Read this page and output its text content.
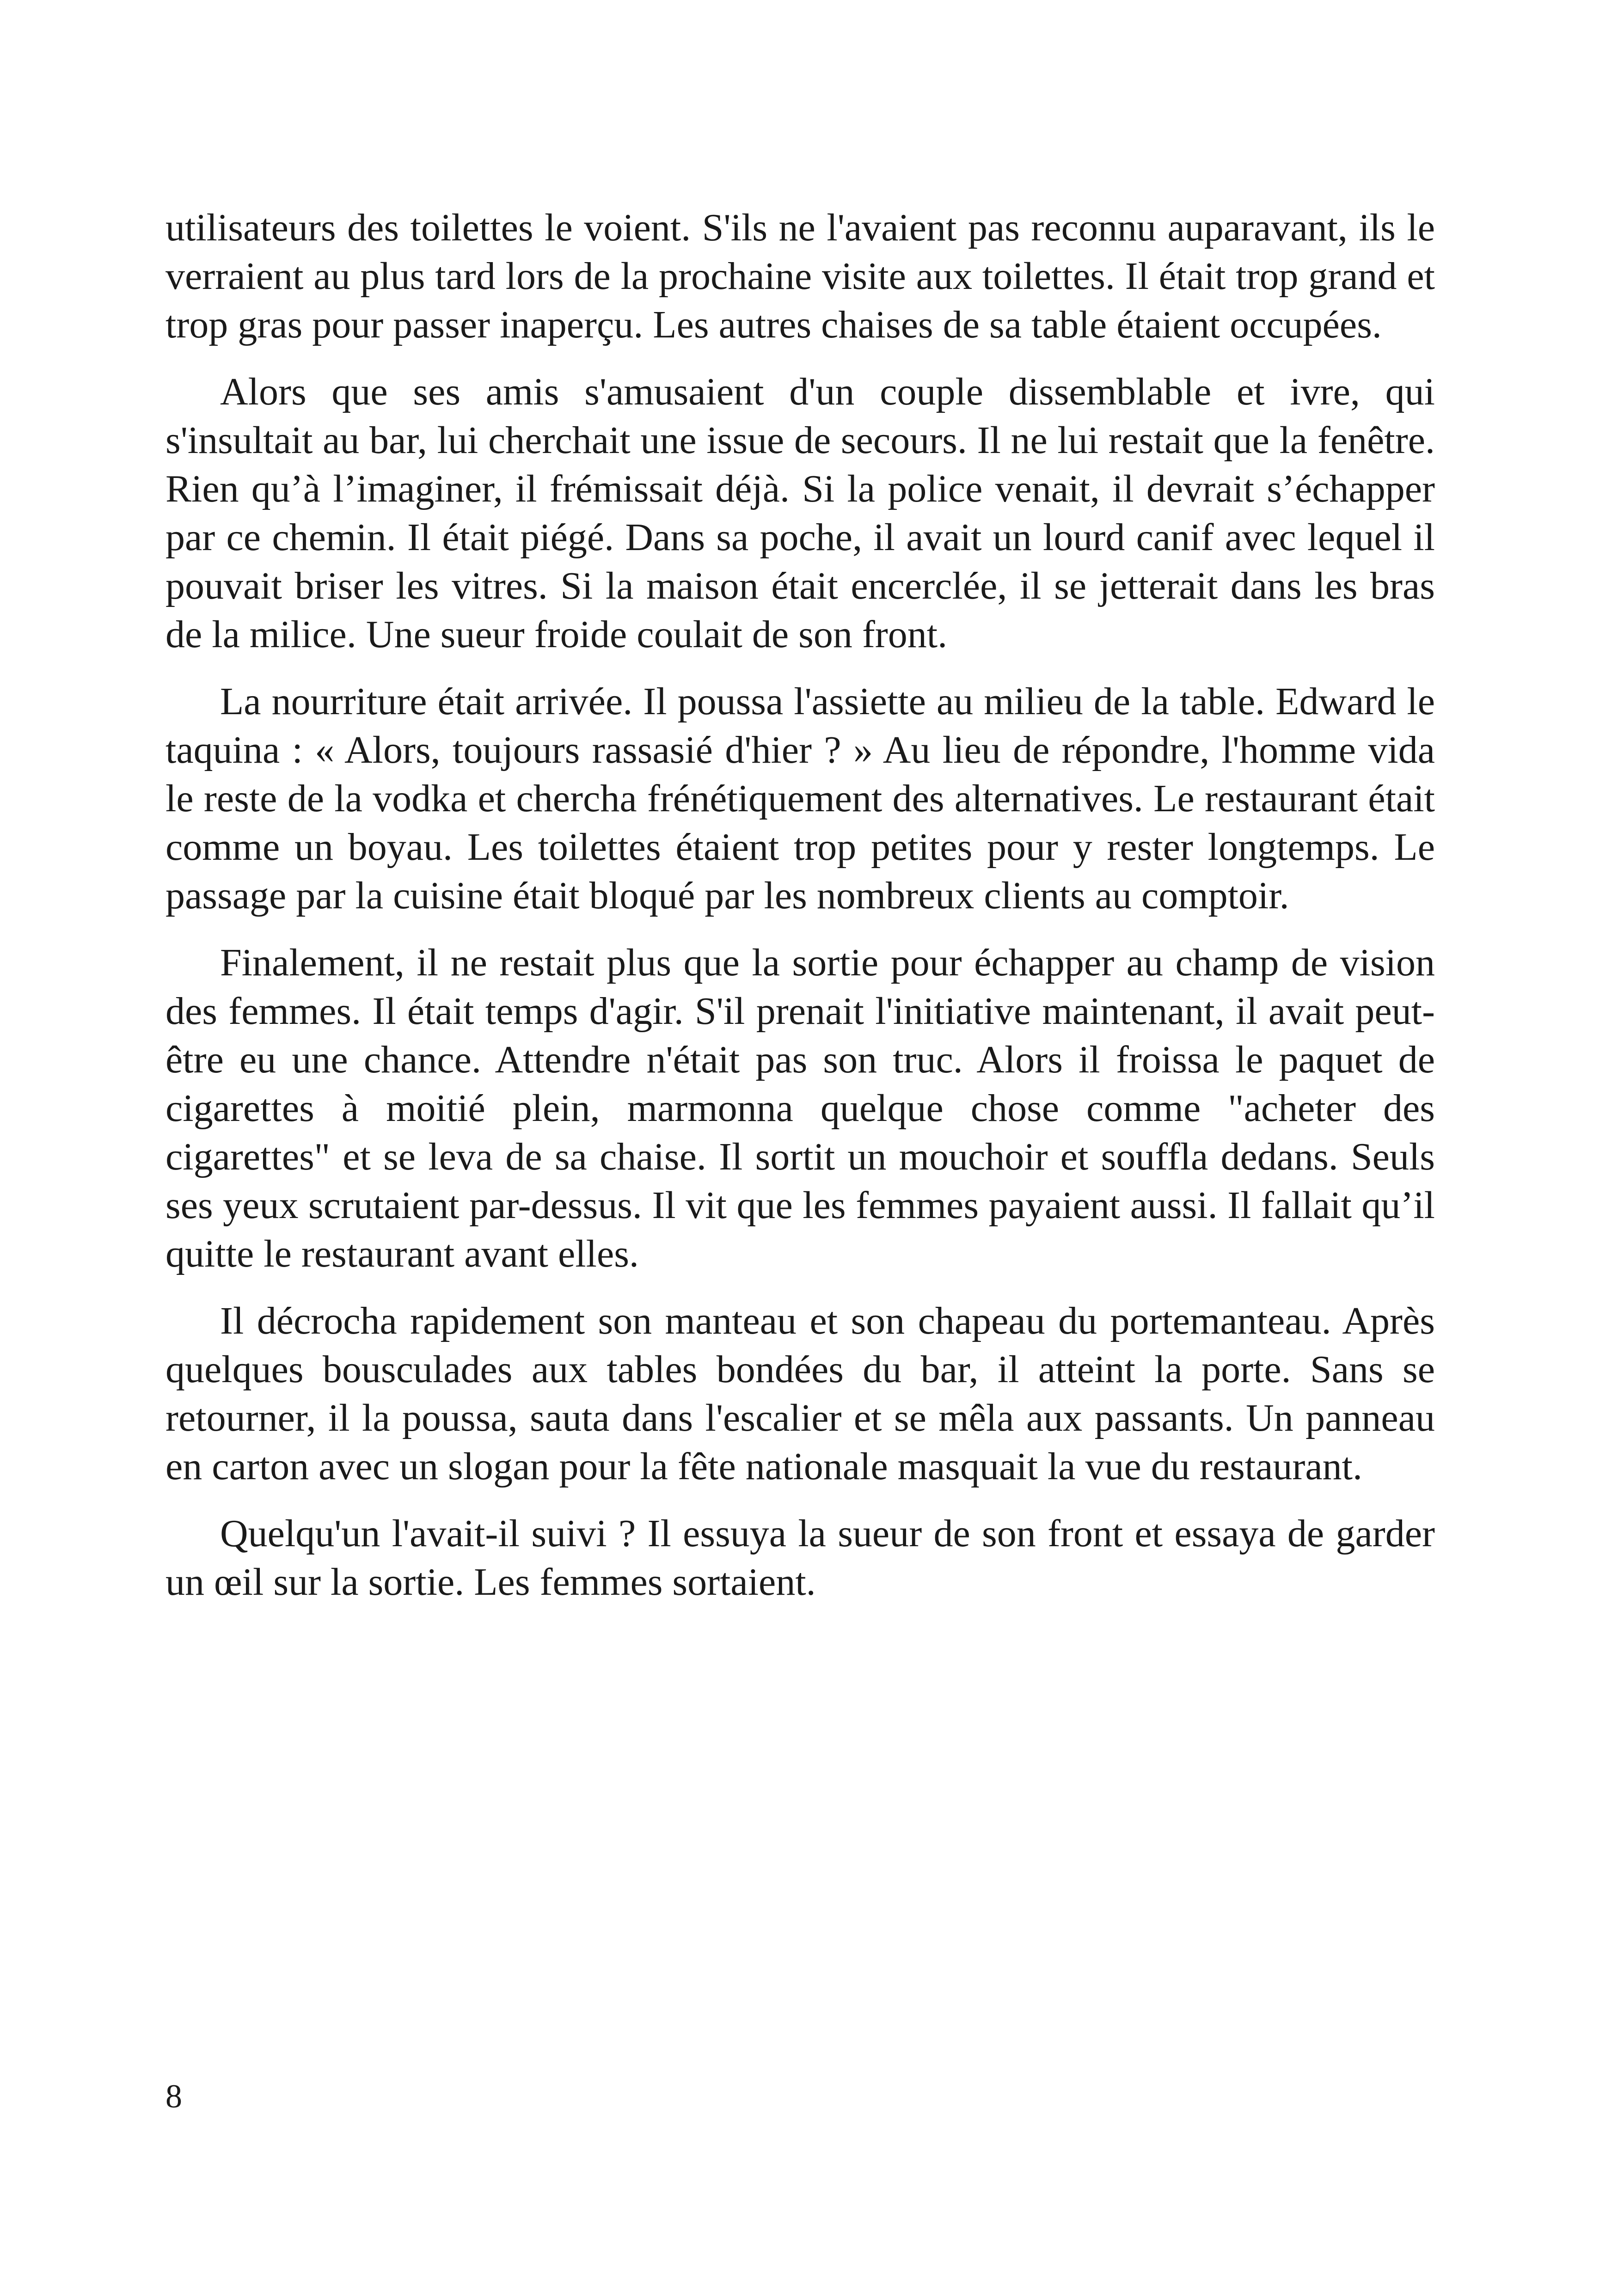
utilisateurs des toilettes le voient. S'ils ne l'avaient pas reconnu auparavant, ils le verraient au plus tard lors de la prochaine visite aux toilettes. Il était trop grand et trop gras pour passer inaperçu. Les autres chaises de sa table étaient occupées.

Alors que ses amis s'amusaient d'un couple dissemblable et ivre, qui s'insultait au bar, lui cherchait une issue de secours. Il ne lui restait que la fenêtre. Rien qu’à l’imaginer, il frémissait déjà. Si la police venait, il devrait s’échapper par ce chemin. Il était piégé. Dans sa poche, il avait un lourd canif avec lequel il pouvait briser les vitres. Si la maison était encerclée, il se jetterait dans les bras de la milice. Une sueur froide coulait de son front.

La nourriture était arrivée. Il poussa l'assiette au milieu de la table. Edward le taquina : « Alors, toujours rassasié d'hier ? » Au lieu de répondre, l'homme vida le reste de la vodka et chercha frénétiquement des alternatives. Le restaurant était comme un boyau. Les toilettes étaient trop petites pour y rester longtemps. Le passage par la cuisine était bloqué par les nombreux clients au comptoir.

Finalement, il ne restait plus que la sortie pour échapper au champ de vision des femmes. Il était temps d'agir. S'il prenait l'initiative maintenant, il avait peut-être eu une chance. Attendre n'était pas son truc. Alors il froissa le paquet de cigarettes à moitié plein, marmonna quelque chose comme "acheter des cigarettes" et se leva de sa chaise. Il sortit un mouchoir et souffla dedans. Seuls ses yeux scrutaient par-dessus. Il vit que les femmes payaient aussi. Il fallait qu’il quitte le restaurant avant elles.

Il décrocha rapidement son manteau et son chapeau du portemanteau. Après quelques bousculades aux tables bondées du bar, il atteint la porte. Sans se retourner, il la poussa, sauta dans l'escalier et se mêla aux passants. Un panneau en carton avec un slogan pour la fête nationale masquait la vue du restaurant.

Quelqu'un l'avait-il suivi ? Il essuya la sueur de son front et essaya de garder un œil sur la sortie. Les femmes sortaient.

8
